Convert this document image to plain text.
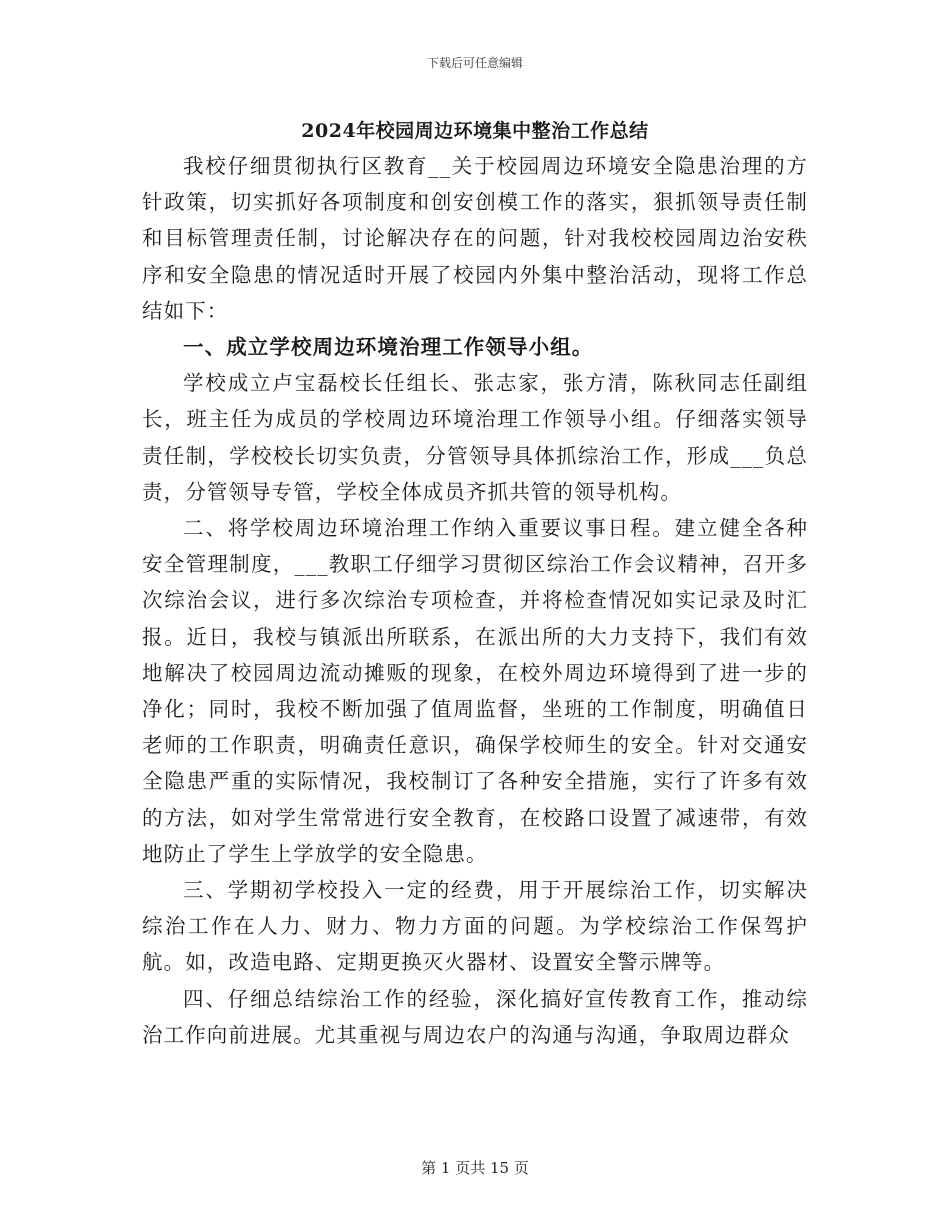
下载后可任意编辑
2024年校园周边环境集中整治工作总结

我校仔细贯彻执行区教育__关于校园周边环境安全隐患治理的方针政策，切实抓好各项制度和创安创模工作的落实，狠抓领导责任制和目标管理责任制，讨论解决存在的问题，针对我校校园周边治安秩序和安全隐患的情况适时开展了校园内外集中整治活动，现将工作总结如下：

一、成立学校周边环境治理工作领导小组。

学校成立卢宝磊校长任组长、张志家，张方清，陈秋同志任副组长，班主任为成员的学校周边环境治理工作领导小组。仔细落实领导责任制，学校校长切实负责，分管领导具体抓综治工作，形成___负总责，分管领导专管，学校全体成员齐抓共管的领导机构。

二、将学校周边环境治理工作纳入重要议事日程。建立健全各种安全管理制度，___教职工仔细学习贯彻区综治工作会议精神，召开多次综治会议，进行多次综治专项检查，并将检查情况如实记录及时汇报。近日，我校与镇派出所联系，在派出所的大力支持下，我们有效地解决了校园周边流动摊贩的现象，在校外周边环境得到了进一步的净化；同时，我校不断加强了值周监督，坐班的工作制度，明确值日老师的工作职责，明确责任意识，确保学校师生的安全。针对交通安全隐患严重的实际情况，我校制订了各种安全措施，实行了许多有效的方法，如对学生常常进行安全教育，在校路口设置了减速带，有效地防止了学生上学放学的安全隐患。

三、学期初学校投入一定的经费，用于开展综治工作，切实解决综治工作在人力、财力、物力方面的问题。为学校综治工作保驾护航。如，改造电路、定期更换灭火器材、设置安全警示牌等。

四、仔细总结综治工作的经验，深化搞好宣传教育工作，推动综治工作向前进展。尤其重视与周边农户的沟通与沟通，争取周边群众

第 1 页共 15 页
